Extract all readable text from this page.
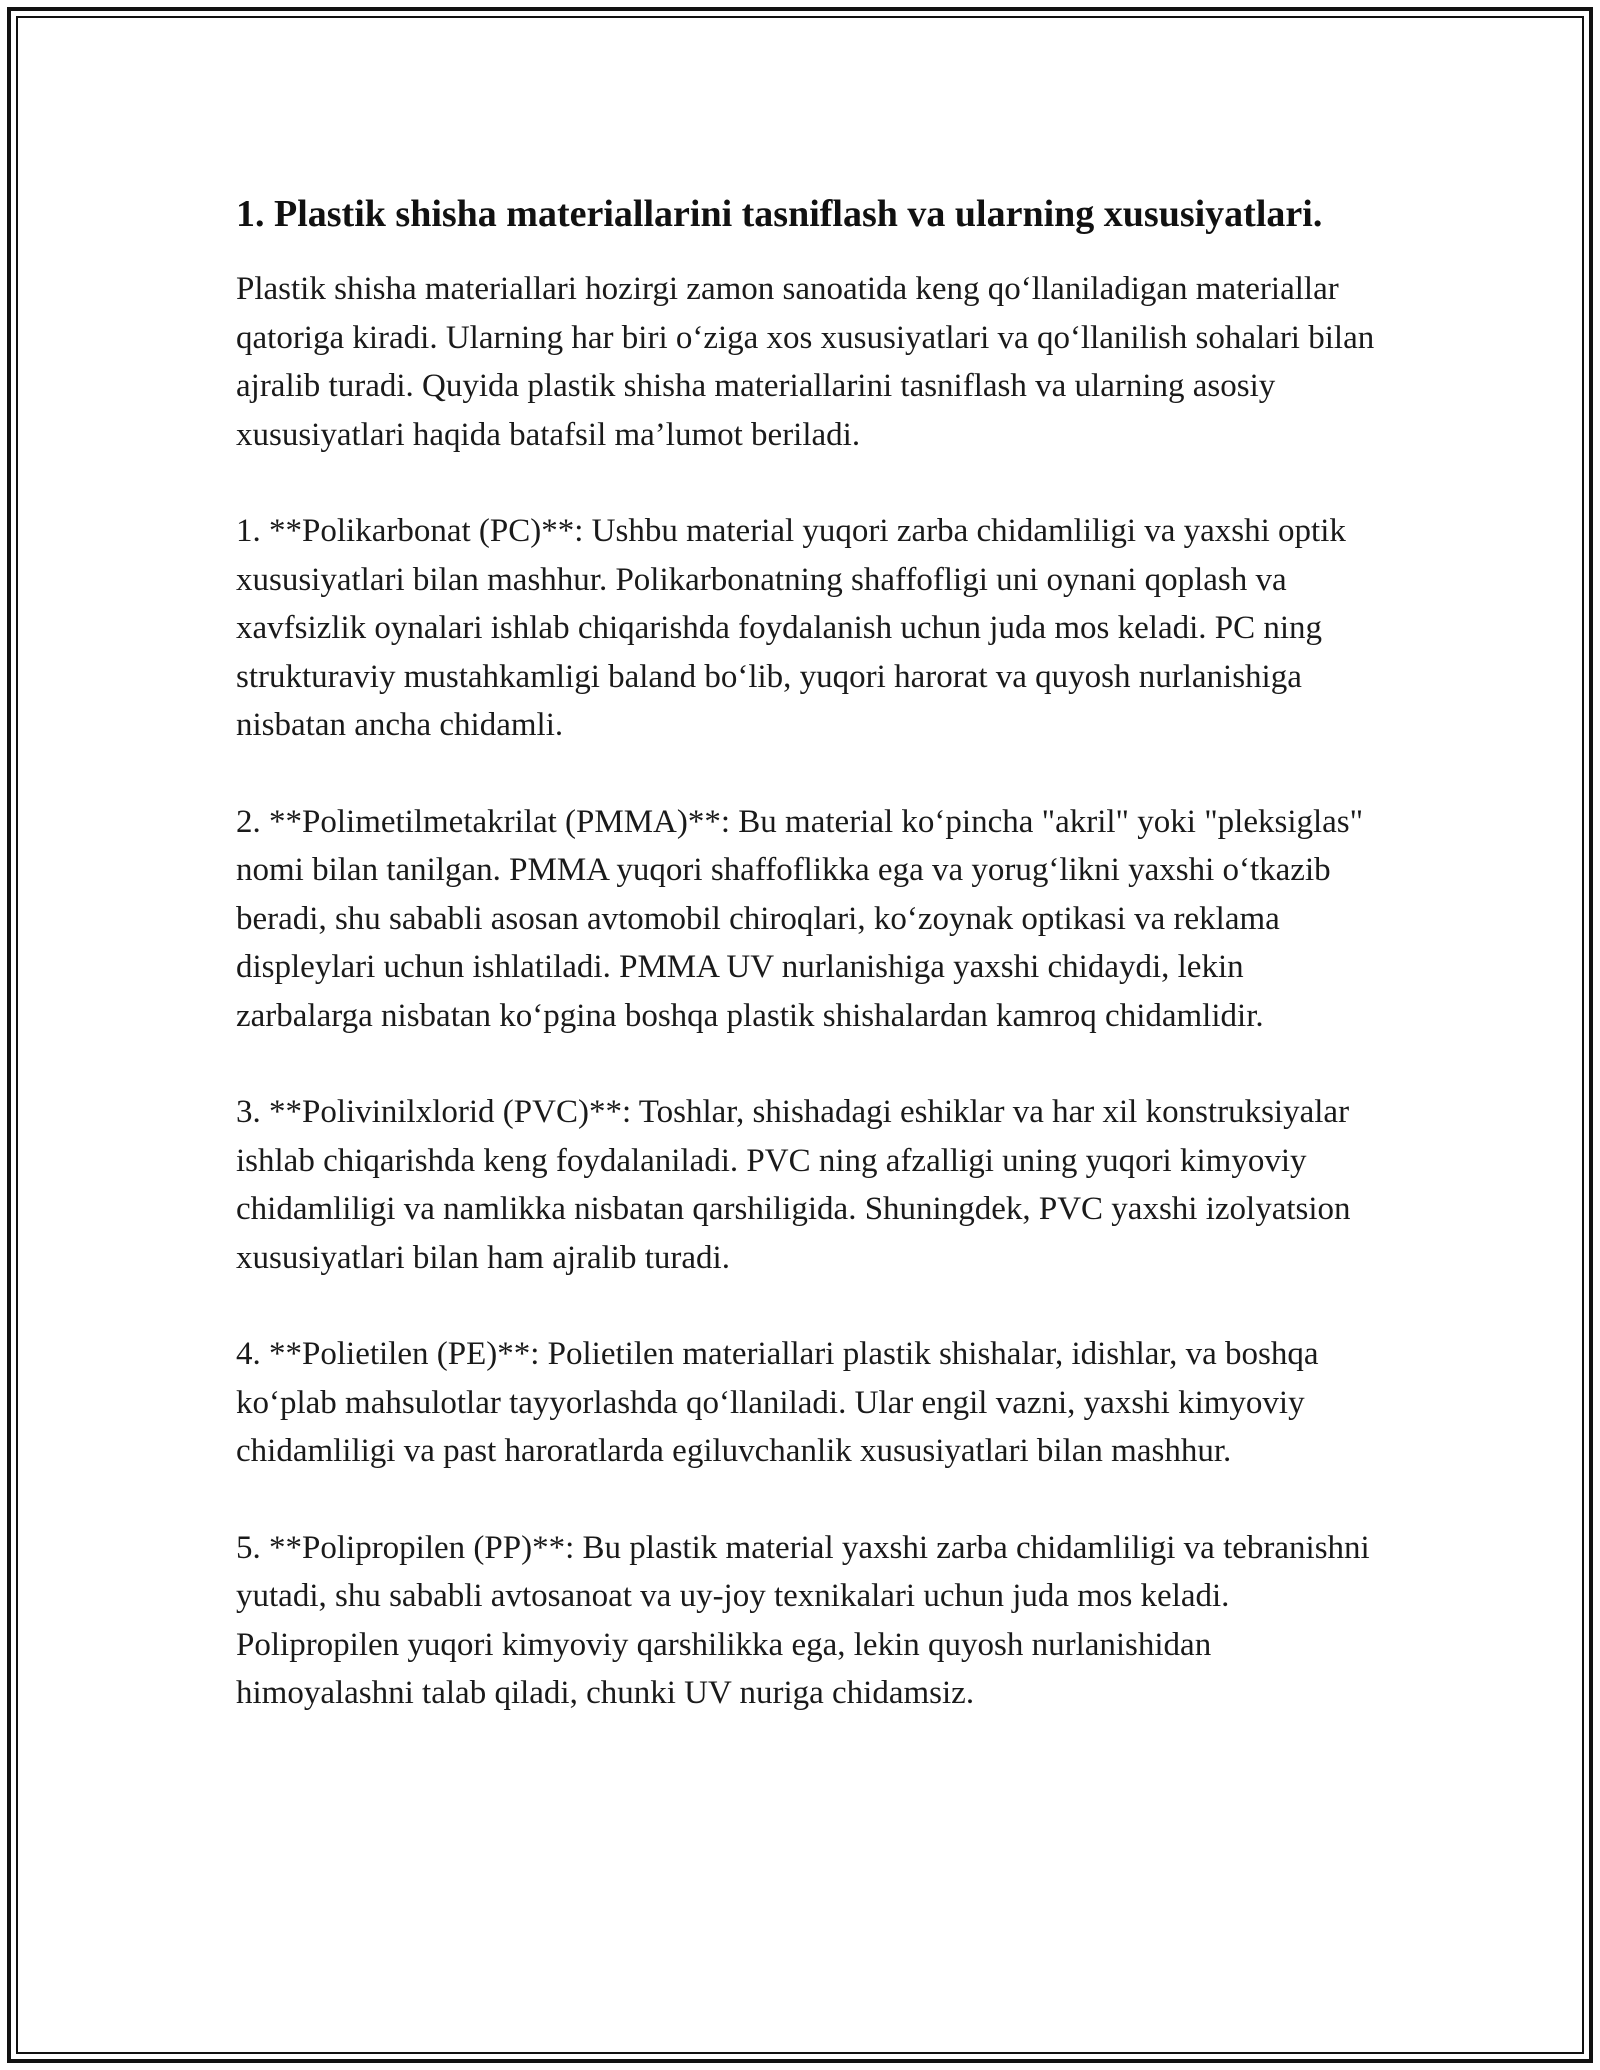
1. Plastik shisha materiallarini tasniflash va ularning xususiyatlari.

Plastik shisha materiallari hozirgi zamon sanoatida keng qo‘llaniladigan materiallar qatoriga kiradi. Ularning har biri o‘ziga xos xususiyatlari va qo‘llanilish sohalari bilan ajralib turadi. Quyida plastik shisha materiallarini tasniflash va ularning asosiy xususiyatlari haqida batafsil ma’lumot beriladi.

1. **Polikarbonat (PC)**: Ushbu material yuqori zarba chidamliligi va yaxshi optik xususiyatlari bilan mashhur. Polikarbonatning shaffofligi uni oynani qoplash va xavfsizlik oynalari ishlab chiqarishda foydalanish uchun juda mos keladi. PC ning strukturaviy mustahkamligi baland bo‘lib, yuqori harorat va quyosh nurlanishiga nisbatan ancha chidamli.

2. **Polimetilmetakrilat (PMMA)**: Bu material ko‘pincha "akril" yoki "pleksiglas" nomi bilan tanilgan. PMMA yuqori shaffoflikka ega va yorug‘likni yaxshi o‘tkazib beradi, shu sababli asosan avtomobil chiroqlari, ko‘zoynak optikasi va reklama displeylari uchun ishlatiladi. PMMA UV nurlanishiga yaxshi chidaydi, lekin zarbalarga nisbatan ko‘pgina boshqa plastik shishalardan kamroq chidamlidir.

3. **Polivinilxlorid (PVC)**: Toshlar, shishadagi eshiklar va har xil konstruksiyalar ishlab chiqarishda keng foydalaniladi. PVC ning afzalligi uning yuqori kimyoviy chidamliligi va namlikka nisbatan qarshiligida. Shuningdek, PVC yaxshi izolyatsion xususiyatlari bilan ham ajralib turadi.

4. **Polietilen (PE)**: Polietilen materiallari plastik shishalar, idishlar, va boshqa ko‘plab mahsulotlar tayyorlashda qo‘llaniladi. Ular engil vazni, yaxshi kimyoviy chidamliligi va past haroratlarda egiluvchanlik xususiyatlari bilan mashhur.

5. **Polipropilen (PP)**: Bu plastik material yaxshi zarba chidamliligi va tebranishni yutadi, shu sababli avtosanoat va uy-joy texnikalari uchun juda mos keladi. Polipropilen yuqori kimyoviy qarshilikka ega, lekin quyosh nurlanishidan himoyalashni talab qiladi, chunki UV nuriga chidamsiz.
